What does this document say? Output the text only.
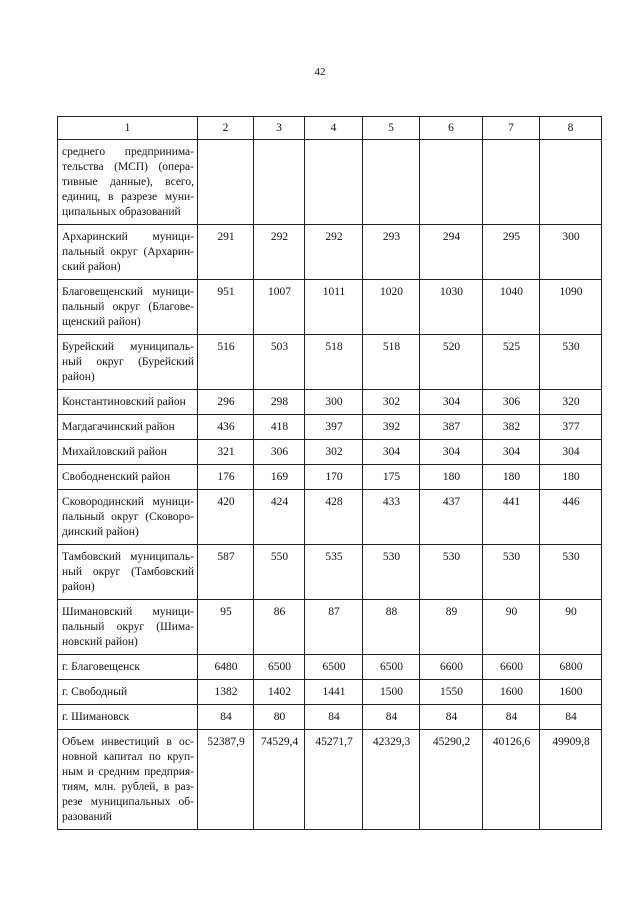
42
1	2	3	4	5	6	7	8
среднего предпринима-тельства (МСП) (опера-тивные данные), всего, единиц, в разрезе муни-ципальных образований							
Архаринский муници-пальный округ (Архарин-ский район)	291	292	292	293	294	295	300
Благовещенский муници-пальный округ (Благове-щенский район)	951	1007	1011	1020	1030	1040	1090
Бурейский муниципаль-ный округ (Бурейский район)	516	503	518	518	520	525	530
Константиновский район	296	298	300	302	304	306	320
Магдагачинский район	436	418	397	392	387	382	377
Михайловский район	321	306	302	304	304	304	304
Свободненский район	176	169	170	175	180	180	180
Сковородинский муници-пальный округ (Сковоро-динский район)	420	424	428	433	437	441	446
Тамбовский муниципаль-ный округ (Тамбовский район)	587	550	535	530	530	530	530
Шимановский муници-пальный округ (Шима-новский район)	95	86	87	88	89	90	90
г. Благовещенск	6480	6500	6500	6500	6600	6600	6800
г. Свободный	1382	1402	1441	1500	1550	1600	1600
г. Шимановск	84	80	84	84	84	84	84
Объем инвестиций в ос-новной капитал по круп-ным и средним предприя-тиям, млн. рублей, в раз-резе муниципальных об-разований	52387,9	74529,4	45271,7	42329,3	45290,2	40126,6	49909,8
